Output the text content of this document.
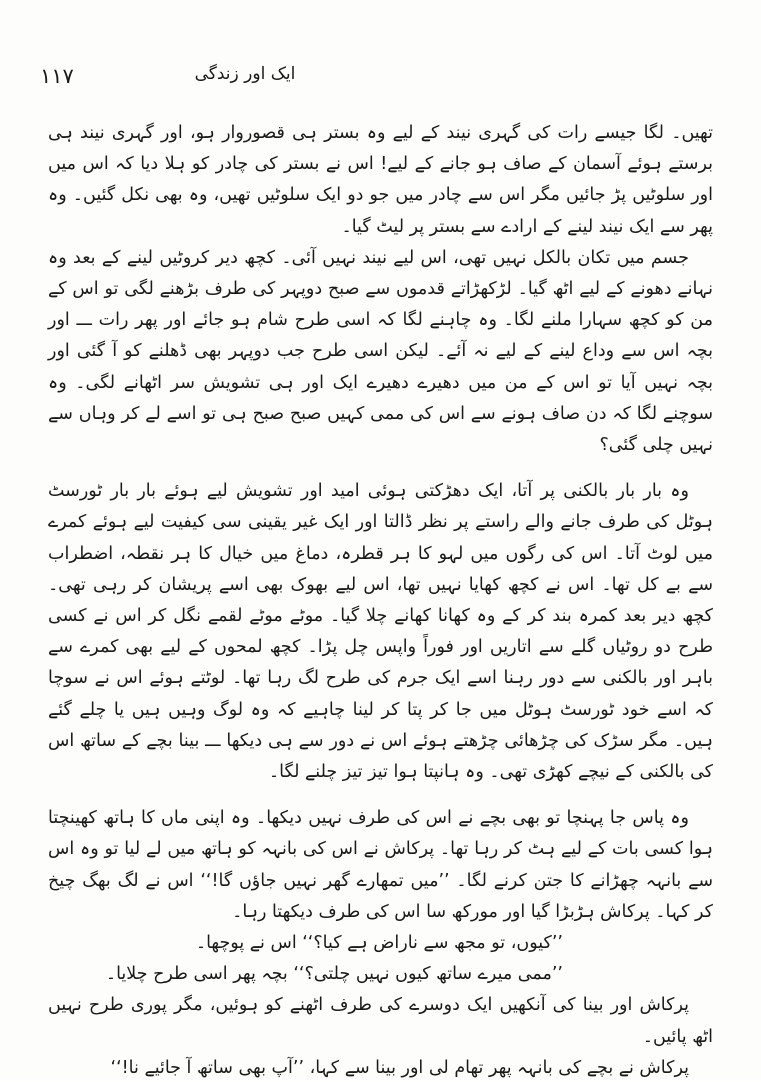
۱۱۷	ایک اور زندگی

تھیں۔ لگا جیسے رات کی گہری نیند کے لیے وہ بستر ہی قصوروار ہو، اور گہری نیند ہی برستے ہوئے آسمان کے صاف ہو جانے کے لیے! اس نے بستر کی چادر کو ہلا دیا کہ اس میں اور سلوٹیں پڑ جائیں مگر اس سے چادر میں جو دو ایک سلوٹیں تھیں، وہ بھی نکل گئیں۔ وہ پھر سے ایک نیند لینے کے ارادے سے بستر پر لیٹ گیا۔

جسم میں تکان بالکل نہیں تھی، اس لیے نیند نہیں آئی۔ کچھ دیر کروٹیں لینے کے بعد وہ نہانے دھونے کے لیے اٹھ گیا۔ لڑکھڑاتے قدموں سے صبح دوپہر کی طرف بڑھنے لگی تو اس کے من کو کچھ سہارا ملنے لگا۔ وہ چاہنے لگا کہ اسی طرح شام ہو جائے اور پھر رات ـــ اور بچہ اس سے وداع لینے کے لیے نہ آئے۔ لیکن اسی طرح جب دوپہر بھی ڈھلنے کو آ گئی اور بچہ نہیں آیا تو اس کے من میں دھیرے دھیرے ایک اور ہی تشویش سر اٹھانے لگی۔ وہ سوچنے لگا کہ دن صاف ہونے سے اس کی ممی کہیں صبح صبح ہی تو اسے لے کر وہاں سے نہیں چلی گئی؟

وہ بار بار بالکنی پر آتا، ایک دھڑکتی ہوئی امید اور تشویش لیے ہوئے بار بار ٹورسٹ ہوٹل کی طرف جانے والے راستے پر نظر ڈالتا اور ایک غیر یقینی سی کیفیت لیے ہوئے کمرے میں لوٹ آتا۔ اس کی رگوں میں لہو کا ہر قطرہ، دماغ میں خیال کا ہر نقطہ، اضطراب سے بے کل تھا۔ اس نے کچھ کھایا نہیں تھا، اس لیے بھوک بھی اسے پریشان کر رہی تھی۔ کچھ دیر بعد کمرہ بند کر کے وہ کھانا کھانے چلا گیا۔ موٹے موٹے لقمے نگل کر اس نے کسی طرح دو روٹیاں گلے سے اتاریں اور فوراً واپس چل پڑا۔ کچھ لمحوں کے لیے بھی کمرے سے باہر اور بالکنی سے دور رہنا اسے ایک جرم کی طرح لگ رہا تھا۔ لوٹتے ہوئے اس نے سوچا کہ اسے خود ٹورسٹ ہوٹل میں جا کر پتا کر لینا چاہیے کہ وہ لوگ وہیں ہیں یا چلے گئے ہیں۔ مگر سڑک کی چڑھائی چڑھتے ہوئے اس نے دور سے ہی دیکھا ـــ بینا بچے کے ساتھ اس کی بالکنی کے نیچے کھڑی تھی۔ وہ ہانپتا ہوا تیز تیز چلنے لگا۔

وہ پاس جا پہنچا تو بھی بچے نے اس کی طرف نہیں دیکھا۔ وہ اپنی ماں کا ہاتھ کھینچتا ہوا کسی بات کے لیے ہٹ کر رہا تھا۔ پرکاش نے اس کی بانہہ کو ہاتھ میں لے لیا تو وہ اس سے بانہہ چھڑانے کا جتن کرنے لگا۔ ’’میں تمھارے گھر نہیں جاؤں گا!‘‘ اس نے لگ بھگ چیخ کر کہا۔ پرکاش ہڑبڑا گیا اور مورکھ سا اس کی طرف دیکھتا رہا۔

’’کیوں، تو مجھ سے ناراض ہے کیا؟‘‘ اس نے پوچھا۔

’’ممی میرے ساتھ کیوں نہیں چلتی؟‘‘ بچہ پھر اسی طرح چلایا۔

پرکاش اور بینا کی آنکھیں ایک دوسرے کی طرف اٹھنے کو ہوئیں، مگر پوری طرح نہیں اٹھ پائیں۔

پرکاش نے بچے کی بانہہ پھر تھام لی اور بینا سے کہا، ’’آپ بھی ساتھ آ جائیے نا!‘‘
